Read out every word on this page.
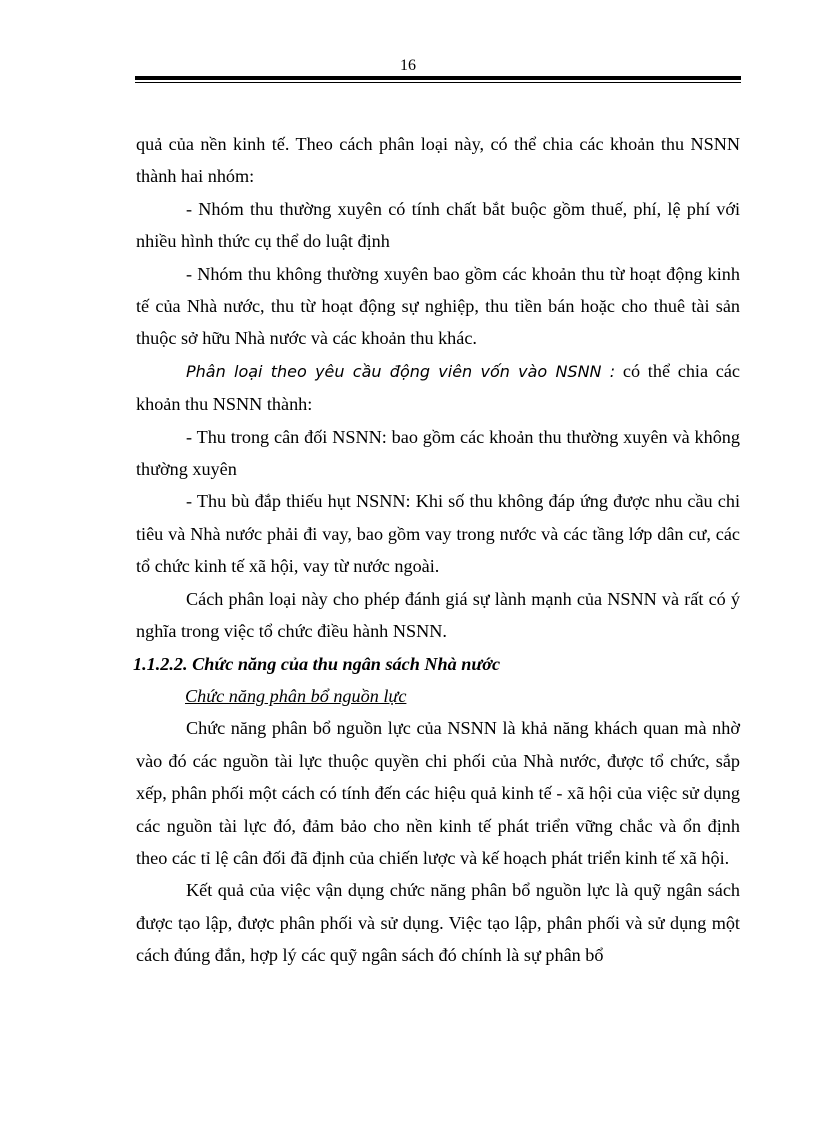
16

quả của nền kinh tế. Theo cách phân loại này, có thể chia các khoản thu NSNN thành hai nhóm:

- Nhóm thu thường xuyên có tính chất bắt buộc gồm thuế, phí, lệ phí với nhiều hình thức cụ thể do luật định

- Nhóm thu không thường xuyên bao gồm các khoản thu từ hoạt động kinh tế của Nhà nước, thu từ hoạt động sự nghiệp, thu tiền bán hoặc cho thuê tài sản thuộc sở hữu Nhà nước và các khoản thu khác.

Phân loại theo yêu cầu động viên vốn vào NSNN : có thể chia các khoản thu NSNN thành:

- Thu trong cân đối NSNN: bao gồm các khoản thu thường xuyên và không thường xuyên

- Thu bù đắp thiếu hụt NSNN: Khi số thu không đáp ứng được nhu cầu chi tiêu và Nhà nước phải đi vay, bao gồm vay trong nước và các tầng lớp dân cư, các tổ chức kinh tế xã hội, vay từ nước ngoài.

Cách phân loại này cho phép đánh giá sự lành mạnh của NSNN và rất có ý nghĩa trong việc tổ chức điều hành NSNN.

1.1.2.2. Chức năng của thu ngân sách Nhà nước
Chức năng phân bổ nguồn lực

Chức năng phân bổ nguồn lực của NSNN là khả năng khách quan mà nhờ vào đó các nguồn tài lực thuộc quyền chi phối của Nhà nước, được tổ chức, sắp xếp, phân phối một cách có tính đến các hiệu quả kinh tế - xã hội của việc sử dụng các nguồn tài lực đó, đảm bảo cho nền kinh tế phát triển vững chắc và ổn định theo các tỉ lệ cân đối đã định của chiến lược và kế hoạch phát triển kinh tế xã hội.

Kết quả của việc vận dụng chức năng phân bổ nguồn lực là quỹ ngân sách được tạo lập, được phân phối và sử dụng. Việc tạo lập, phân phối và sử dụng một cách đúng đắn, hợp lý các quỹ ngân sách đó chính là sự phân bổ
